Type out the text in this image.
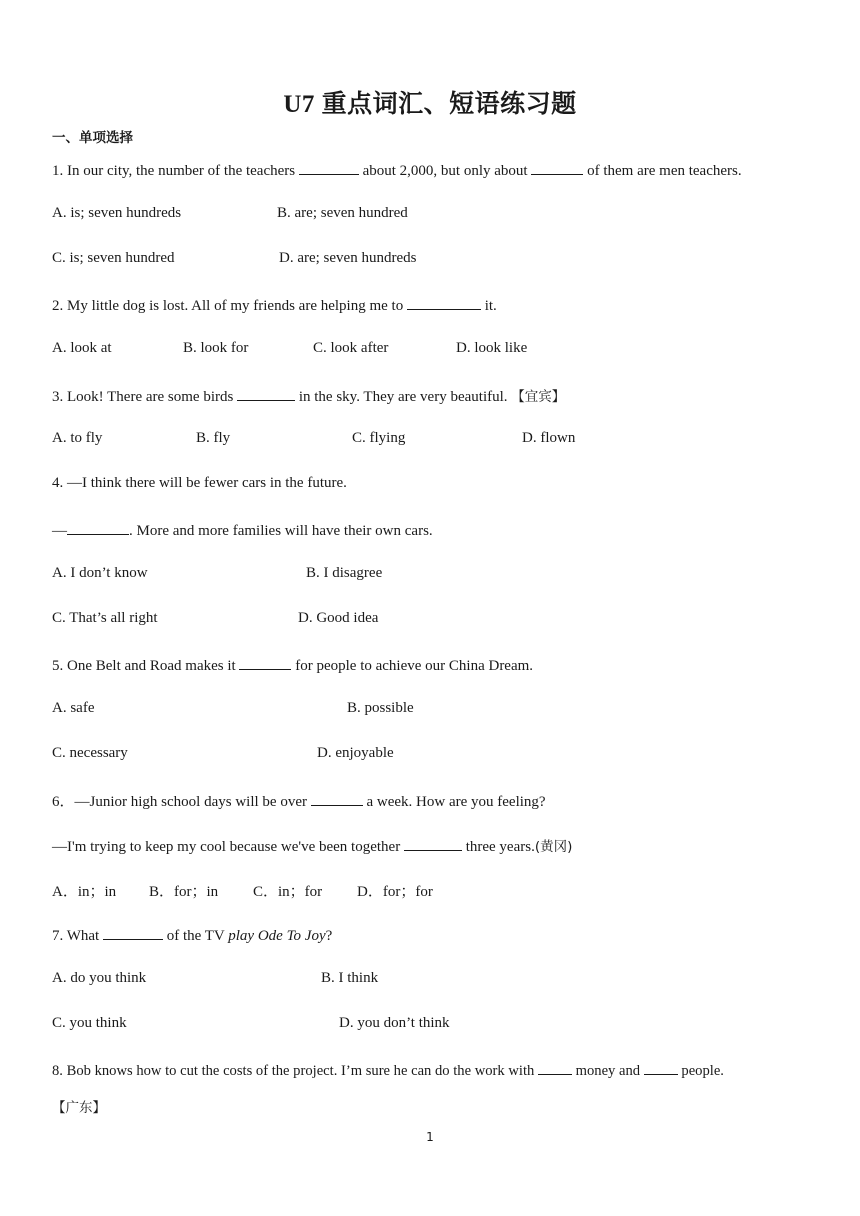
U7 重点词汇、短语练习题
一、单项选择
1. In our city, the number of the teachers	about 2,000, but only about	of them are men teachers.
A. is; seven hundreds	B. are; seven hundred
C. is; seven hundred	D. are; seven hundreds
2. My little dog is lost. All of my friends are helping me to	it.
A. look at	B. look for	C. look after	D. look like
3. Look! There are some birds	in the sky. They are very beautiful. 【宜宾】
A. to fly	B. fly	C. flying	D. flown
4. —I think there will be fewer cars in the future.
—	. More and more families will have their own cars.
A. I don’t know	B. I disagree
C. That’s all right	D. Good idea
5. One Belt and Road makes it	for people to achieve our China Dream.
A. safe	B. possible
C. necessary	D. enjoyable
6．—Junior high school days will be over	a week. How are you feeling?
—I'm trying to keep my cool because we've been together	three years.(黄冈)
A．in；in B．for；in C．in；for D．for；for
7. What	of the TV play Ode To Joy?
A. do you think	B. I think
C. you think	D. you don’t think
8. Bob knows how to cut the costs of the project. I’m sure he can do the work with	money and	people.
【广东】
1
